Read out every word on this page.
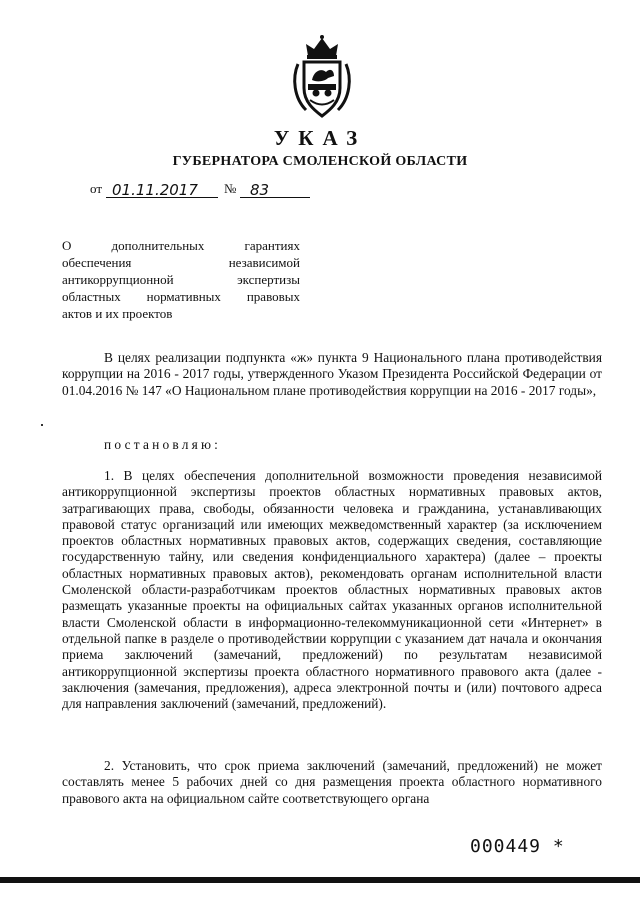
УКАЗ
ГУБЕРНАТОРА СМОЛЕНСКОЙ ОБЛАСТИ
от 01.11.2017 № 83

О дополнительных гарантиях
обеспечения независимой
антикоррупционной экспертизы
областных нормативных правовых
актов и их проектов

В целях реализации подпункта «ж» пункта 9 Национального плана противодействия коррупции на 2016 - 2017 годы, утвержденного Указом Президента Российской Федерации от 01.04.2016 № 147 «О Национальном плане противодействия коррупции на 2016 - 2017 годы»,

постановляю:

1. В целях обеспечения дополнительной возможности проведения независимой антикоррупционной экспертизы проектов областных нормативных правовых актов, затрагивающих права, свободы, обязанности человека и гражданина, устанавливающих правовой статус организаций или имеющих межведомственный характер (за исключением проектов областных нормативных правовых актов, содержащих сведения, составляющие государственную тайну, или сведения конфиденциального характера) (далее – проекты областных нормативных правовых актов), рекомендовать органам исполнительной власти Смоленской области-разработчикам проектов областных нормативных правовых актов размещать указанные проекты на официальных сайтах указанных органов исполнительной власти Смоленской области в информационно-телекоммуникационной сети «Интернет» в отдельной папке в разделе о противодействии коррупции с указанием дат начала и окончания приема заключений (замечаний, предложений) по результатам независимой антикоррупционной экспертизы проекта областного нормативного правового акта (далее - заключения (замечания, предложения), адреса электронной почты и (или) почтового адреса для направления заключений (замечаний, предложений).

2. Установить, что срок приема заключений (замечаний, предложений) не может составлять менее 5 рабочих дней со дня размещения проекта областного нормативного правового акта на официальном сайте соответствующего органа

000449 *
